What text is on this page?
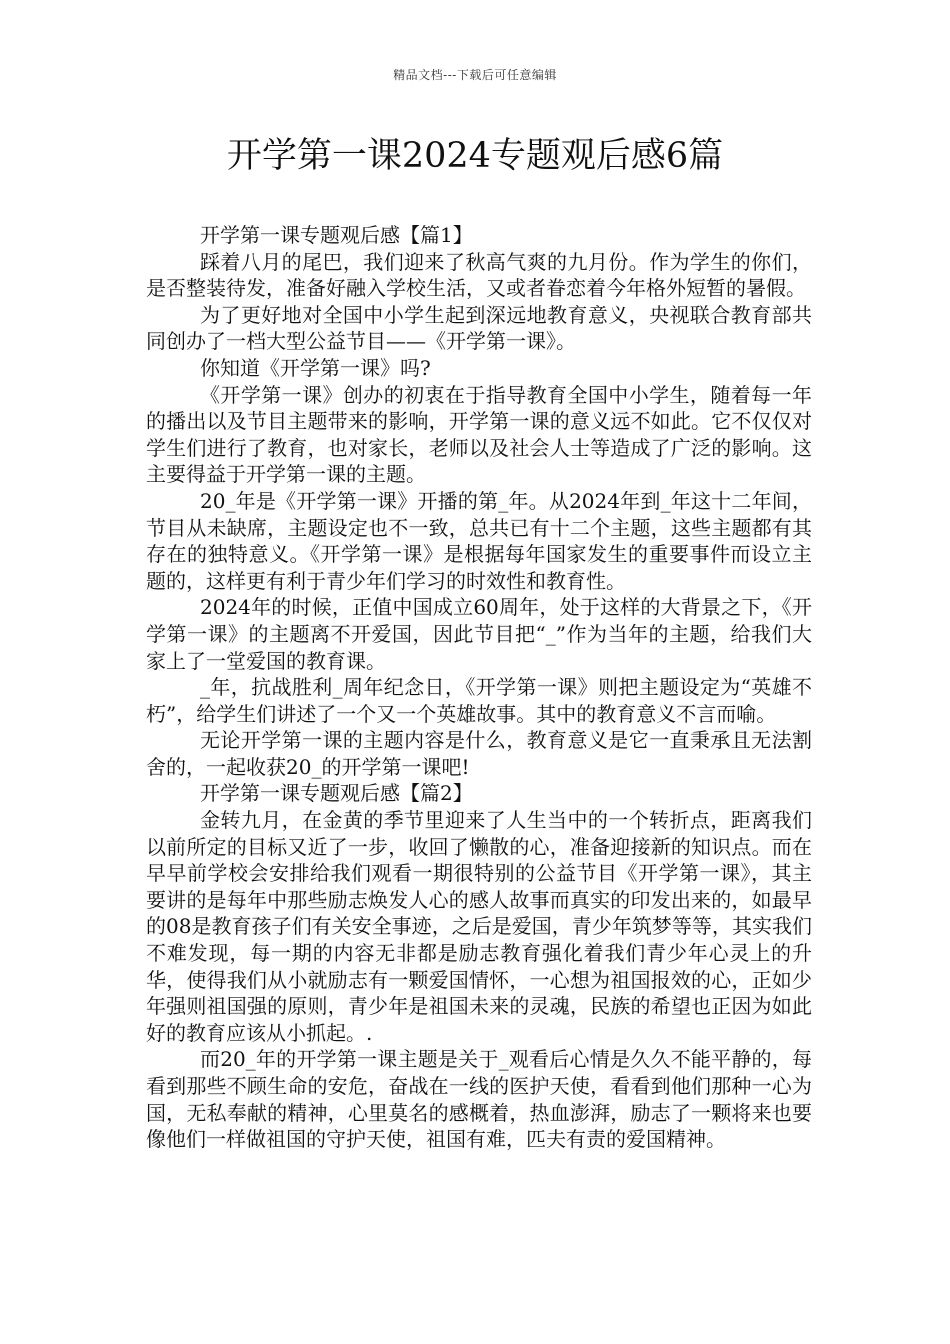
精品文档---下载后可任意编辑
开学第一课2024专题观后感6篇

开学第一课专题观后感【篇1】

踩着八月的尾巴，我们迎来了秋高气爽的九月份。作为学生的你们，是否整装待发，准备好融入学校生活，又或者眷恋着今年格外短暂的暑假。

为了更好地对全国中小学生起到深远地教育意义，央视联合教育部共同创办了一档大型公益节目——《开学第一课》。

你知道《开学第一课》吗?

《开学第一课》创办的初衷在于指导教育全国中小学生，随着每一年的播出以及节目主题带来的影响，开学第一课的意义远不如此。它不仅仅对学生们进行了教育，也对家长，老师以及社会人士等造成了广泛的影响。这主要得益于开学第一课的主题。

20_年是《开学第一课》开播的第_年。从2024年到_年这十二年间，节目从未缺席，主题设定也不一致，总共已有十二个主题，这些主题都有其存在的独特意义。《开学第一课》是根据每年国家发生的重要事件而设立主题的，这样更有利于青少年们学习的时效性和教育性。

2024年的时候，正值中国成立60周年，处于这样的大背景之下，《开学第一课》的主题离不开爱国，因此节目把“_”作为当年的主题，给我们大家上了一堂爱国的教育课。

_年，抗战胜利_周年纪念日，《开学第一课》则把主题设定为“英雄不朽”，给学生们讲述了一个又一个英雄故事。其中的教育意义不言而喻。

无论开学第一课的主题内容是什么，教育意义是它一直秉承且无法割舍的，一起收获20_的开学第一课吧!

开学第一课专题观后感【篇2】

金转九月，在金黄的季节里迎来了人生当中的一个转折点，距离我们以前所定的目标又近了一步，收回了懒散的心，准备迎接新的知识点。而在早早前学校会安排给我们观看一期很特别的公益节目《开学第一课》，其主要讲的是每年中那些励志焕发人心的感人故事而真实的印发出来的，如最早的08是教育孩子们有关安全事迹，之后是爱国，青少年筑梦等等，其实我们不难发现，每一期的内容无非都是励志教育强化着我们青少年心灵上的升华，使得我们从小就励志有一颗爱国情怀，一心想为祖国报效的心，正如少年强则祖国强的原则，青少年是祖国未来的灵魂，民族的希望也正因为如此好的教育应该从小抓起。.

而20_年的开学第一课主题是关于_观看后心情是久久不能平静的，每看到那些不顾生命的安危，奋战在一线的医护天使，看看到他们那种一心为国，无私奉献的精神，心里莫名的感概着，热血澎湃，励志了一颗将来也要像他们一样做祖国的守护天使，祖国有难，匹夫有责的爱国精神。
